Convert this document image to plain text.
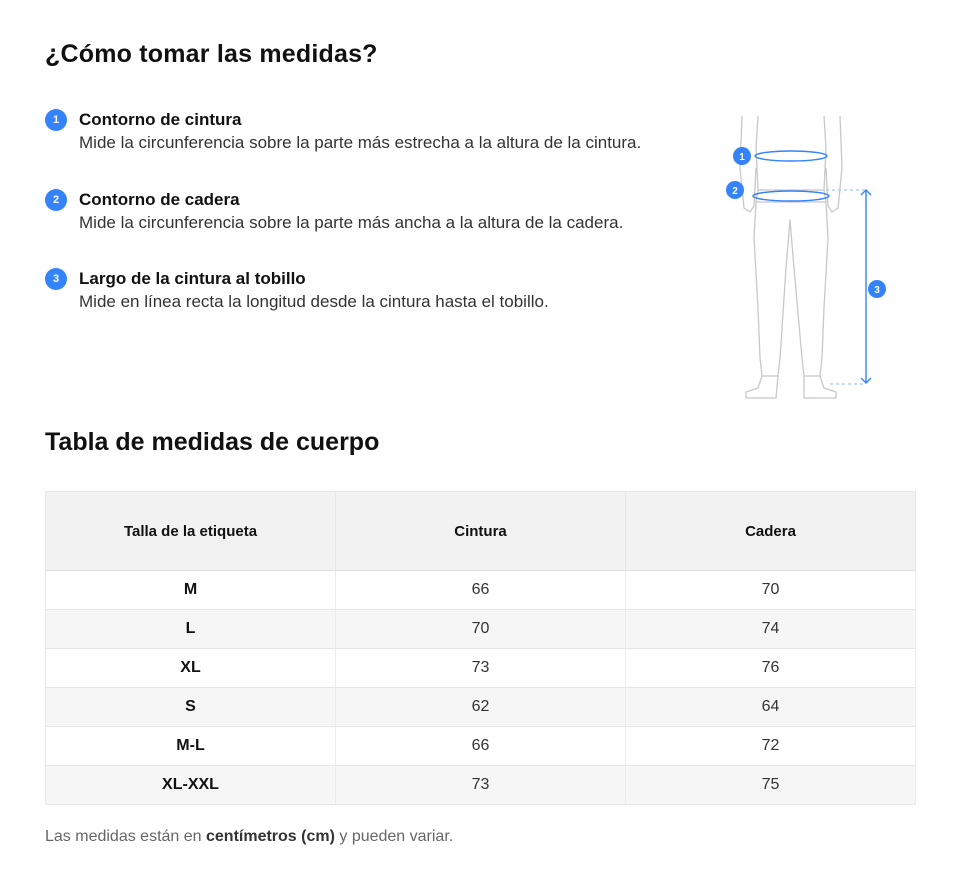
¿Cómo tomar las medidas?
1	Contorno de cintura
Mide la circunferencia sobre la parte más estrecha a la altura de la cintura.
2	Contorno de cadera
Mide la circunferencia sobre la parte más ancha a la altura de la cadera.
3	Largo de la cintura al tobillo
Mide en línea recta la longitud desde la cintura hasta el tobillo.
1
2
3
Tabla de medidas de cuerpo
Talla de la etiqueta	Cintura	Cadera
M	66	70
L	70	74
XL	73	76
S	62	64
M-L	66	72
XL-XXL	73	75
Las medidas están en centímetros (cm) y pueden variar.
